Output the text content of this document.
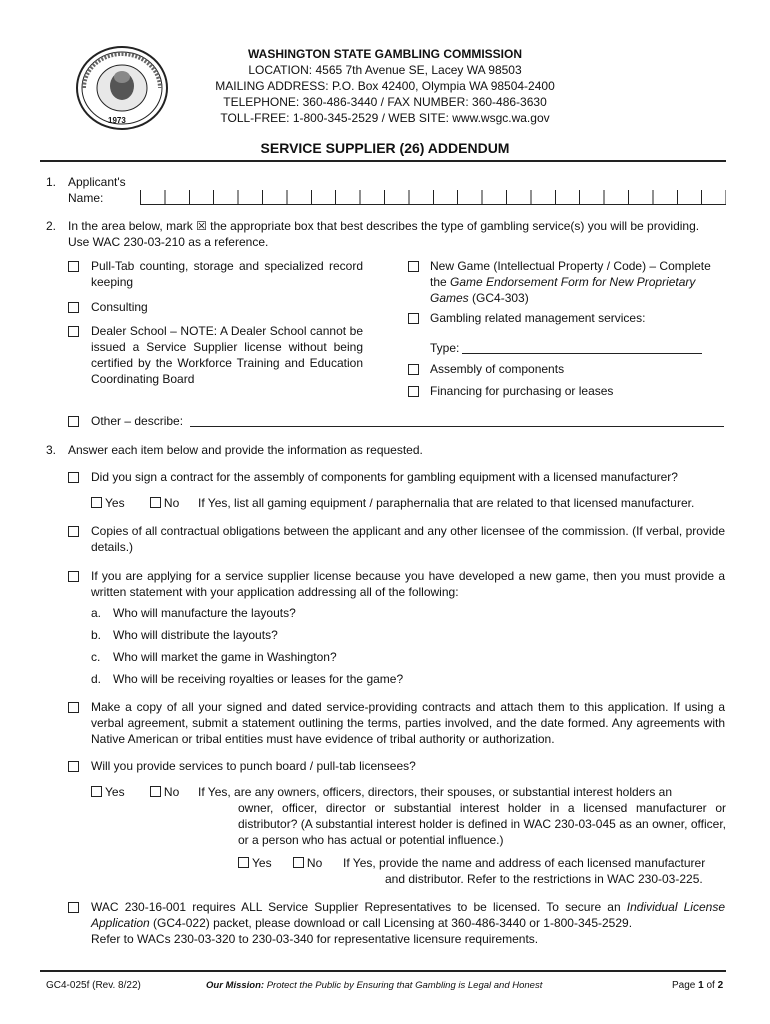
1973
WASHINGTON STATE GAMBLING COMMISSION
LOCATION: 4565 7th Avenue SE, Lacey WA 98503
MAILING ADDRESS: P.O. Box 42400, Olympia WA 98504-2400
TELEPHONE: 360-486-3440 / FAX NUMBER: 360-486-3630
TOLL-FREE: 1-800-345-2529 / WEB SITE: www.wsgc.wa.gov
SERVICE SUPPLIER (26) ADDENDUM
1. Applicant's
Name:
2. In the area below, mark ☒ the appropriate box that best describes the type of gambling service(s) you will be providing.
Use WAC 230-03-210 as a reference.
Pull-Tab counting, storage and specialized record keeping
Consulting
Dealer School – NOTE: A Dealer School cannot be issued a Service Supplier license without being certified by the Workforce Training and Education Coordinating Board
New Game (Intellectual Property / Code) – Complete the Game Endorsement Form for New Proprietary Games (GC4-303)
Gambling related management services:
Type:
Assembly of components
Financing for purchasing or leases
Other – describe:
3. Answer each item below and provide the information as requested.
Did you sign a contract for the assembly of components for gambling equipment with a licensed manufacturer?
Yes	No If Yes, list all gaming equipment / paraphernalia that are related to that licensed manufacturer.
Copies of all contractual obligations between the applicant and any other licensee of the commission. (If verbal, provide details.)
If you are applying for a service supplier license because you have developed a new game, then you must provide a written statement with your application addressing all of the following:
a. Who will manufacture the layouts?
b. Who will distribute the layouts?
c. Who will market the game in Washington?
d. Who will be receiving royalties or leases for the game?
Make a copy of all your signed and dated service-providing contracts and attach them to this application. If using a verbal agreement, submit a statement outlining the terms, parties involved, and the date formed. Any agreements with Native American or tribal entities must have evidence of tribal authority or authorization.
Will you provide services to punch board / pull-tab licensees?
Yes	No If Yes, are any owners, officers, directors, their spouses, or substantial interest holders an
owner, officer, director or substantial interest holder in a licensed manufacturer or distributor? (A substantial interest holder is defined in WAC 230-03-045 as an owner, officer, or a person who has actual or potential influence.)
Yes	No If Yes, provide the name and address of each licensed manufacturer
and distributor. Refer to the restrictions in WAC 230-03-225.
WAC 230-16-001 requires ALL Service Supplier Representatives to be licensed. To secure an Individual License Application (GC4-022) packet, please download or call Licensing at 360-486-3440 or 1-800-345-2529.
Refer to WACs 230-03-320 to 230-03-340 for representative licensure requirements.
GC4-025f (Rev. 8/22)	Our Mission: Protect the Public by Ensuring that Gambling is Legal and Honest	Page 1 of 2
